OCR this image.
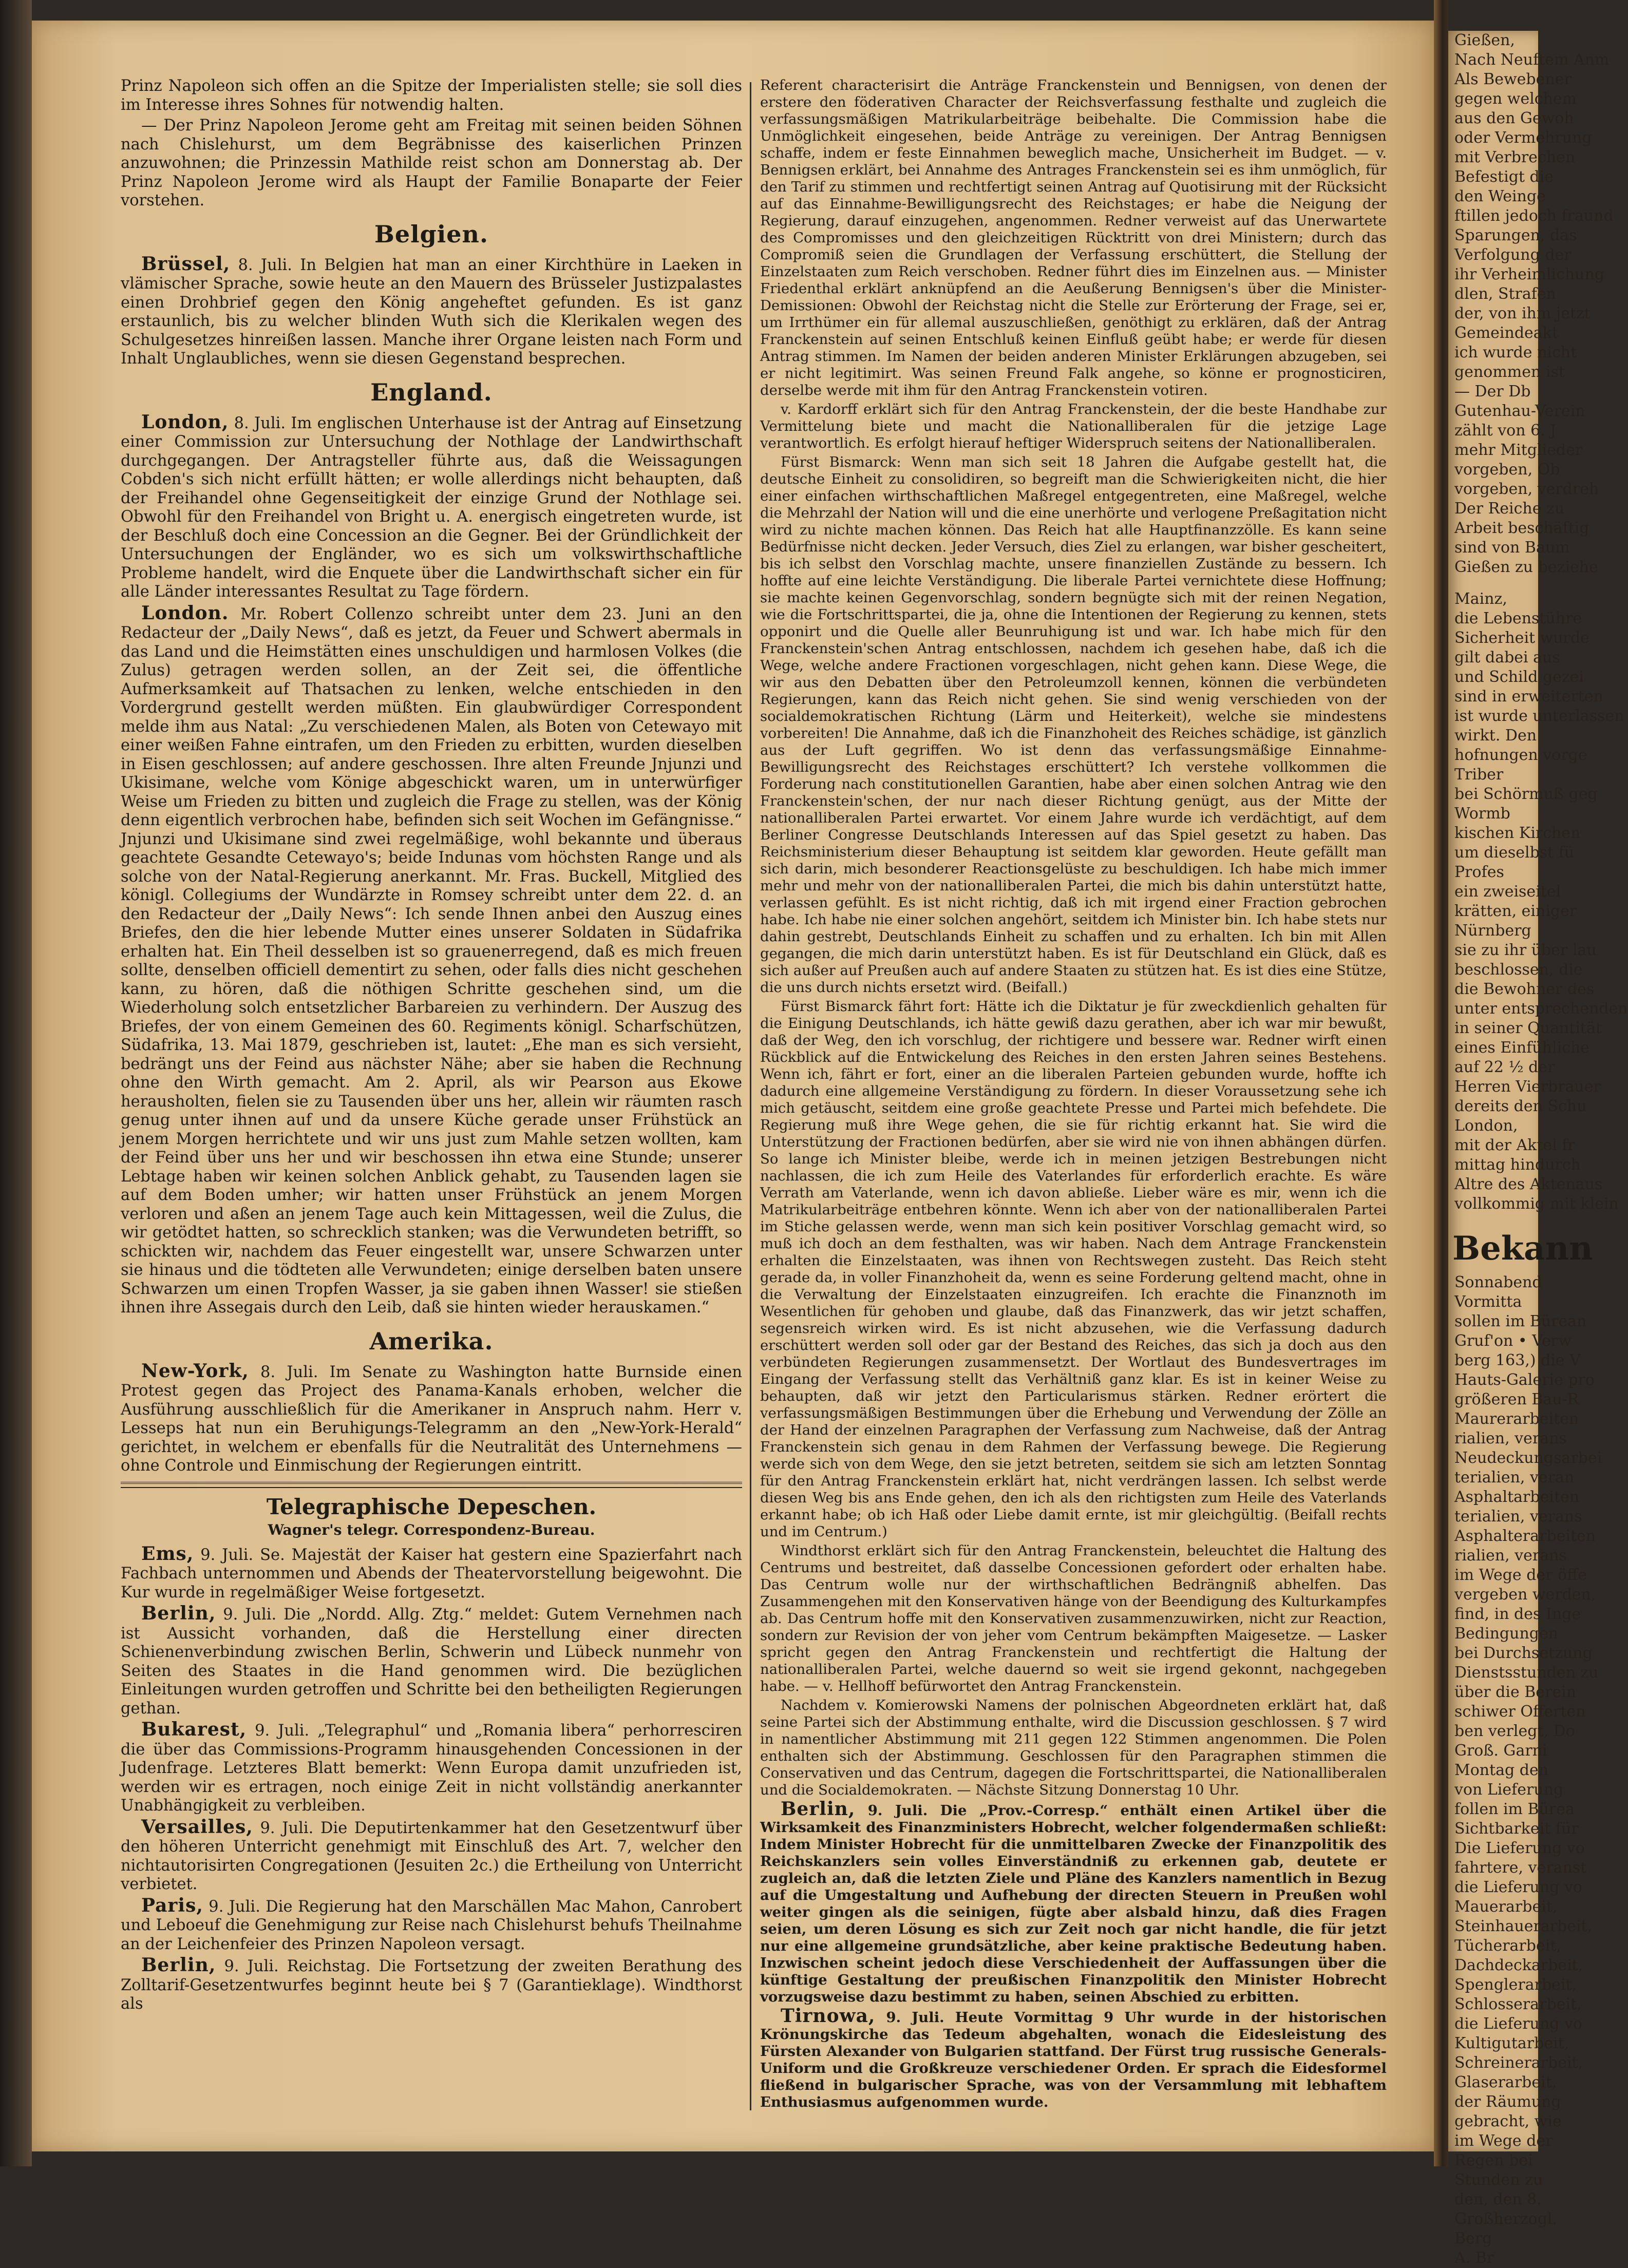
Prinz Napoleon sich offen an die Spitze der Imperialisten stelle; sie soll dies im Interesse ihres Sohnes für notwendig halten.

— Der Prinz Napoleon Jerome geht am Freitag mit seinen beiden Söhnen nach Chislehurst, um dem Begräbnisse des kaiserlichen Prinzen anzuwohnen; die Prinzessin Mathilde reist schon am Donnerstag ab. Der Prinz Napoleon Jerome wird als Haupt der Familie Bonaparte der Feier vorstehen.

Belgien.

Brüssel, 8. Juli. In Belgien hat man an einer Kirchthüre in Laeken in vlämischer Sprache, sowie heute an den Mauern des Brüsseler Justizpalastes einen Drohbrief gegen den König angeheftet gefunden. Es ist ganz erstaunlich, bis zu welcher blinden Wuth sich die Klerikalen wegen des Schulgesetzes hinreißen lassen. Manche ihrer Organe leisten nach Form und Inhalt Unglaubliches, wenn sie diesen Gegenstand besprechen.

England.

London, 8. Juli. Im englischen Unterhause ist der Antrag auf Einsetzung einer Commission zur Untersuchung der Nothlage der Landwirthschaft durchgegangen. Der Antragsteller führte aus, daß die Weissagungen Cobden's sich nicht erfüllt hätten; er wolle allerdings nicht behaupten, daß der Freihandel ohne Gegenseitigkeit der einzige Grund der Nothlage sei. Obwohl für den Freihandel von Bright u. A. energisch eingetreten wurde, ist der Beschluß doch eine Concession an die Gegner. Bei der Gründlichkeit der Untersuchungen der Engländer, wo es sich um volkswirthschaftliche Probleme handelt, wird die Enquete über die Landwirthschaft sicher ein für alle Länder interessantes Resultat zu Tage fördern.

London. Mr. Robert Collenzo schreibt unter dem 23. Juni an den Redacteur der „Daily News“, daß es jetzt, da Feuer und Schwert abermals in das Land und die Heimstätten eines unschuldigen und harmlosen Volkes (die Zulus) getragen werden sollen, an der Zeit sei, die öffentliche Aufmerksamkeit auf Thatsachen zu lenken, welche entschieden in den Vordergrund gestellt werden müßten. Ein glaubwürdiger Correspondent melde ihm aus Natal: „Zu verschiedenen Malen, als Boten von Cetewayo mit einer weißen Fahne eintrafen, um den Frieden zu erbitten, wurden dieselben in Eisen geschlossen; auf andere geschossen. Ihre alten Freunde Jnjunzi und Ukisimane, welche vom Könige abgeschickt waren, um in unterwürfiger Weise um Frieden zu bitten und zugleich die Frage zu stellen, was der König denn eigentlich verbrochen habe, befinden sich seit Wochen im Gefängnisse.“ Jnjunzi und Ukisimane sind zwei regelmäßige, wohl bekannte und überaus geachtete Gesandte Cetewayo's; beide Indunas vom höchsten Range und als solche von der Natal-Regierung anerkannt. Mr. Fras. Buckell, Mitglied des königl. Collegiums der Wundärzte in Romsey schreibt unter dem 22. d. an den Redacteur der „Daily News“: Ich sende Ihnen anbei den Auszug eines Briefes, den die hier lebende Mutter eines unserer Soldaten in Südafrika erhalten hat. Ein Theil desselben ist so grauenerregend, daß es mich freuen sollte, denselben officiell dementirt zu sehen, oder falls dies nicht geschehen kann, zu hören, daß die nöthigen Schritte geschehen sind, um die Wiederholung solch entsetzlicher Barbareien zu verhindern. Der Auszug des Briefes, der von einem Gemeinen des 60. Regiments königl. Scharfschützen, Südafrika, 13. Mai 1879, geschrieben ist, lautet: „Ehe man es sich versieht, bedrängt uns der Feind aus nächster Nähe; aber sie haben die Rechnung ohne den Wirth gemacht. Am 2. April, als wir Pearson aus Ekowe herausholten, fielen sie zu Tausenden über uns her, allein wir räumten rasch genug unter ihnen auf und da unsere Küche gerade unser Frühstück an jenem Morgen herrichtete und wir uns just zum Mahle setzen wollten, kam der Feind über uns her und wir beschossen ihn etwa eine Stunde; unserer Lebtage haben wir keinen solchen Anblick gehabt, zu Tausenden lagen sie auf dem Boden umher; wir hatten unser Frühstück an jenem Morgen verloren und aßen an jenem Tage auch kein Mittagessen, weil die Zulus, die wir getödtet hatten, so schrecklich stanken; was die Verwundeten betrifft, so schickten wir, nachdem das Feuer eingestellt war, unsere Schwarzen unter sie hinaus und die tödteten alle Verwundeten; einige derselben baten unsere Schwarzen um einen Tropfen Wasser, ja sie gaben ihnen Wasser! sie stießen ihnen ihre Assegais durch den Leib, daß sie hinten wieder herauskamen.“

Amerika.

New-York, 8. Juli. Im Senate zu Washington hatte Burnside einen Protest gegen das Project des Panama-Kanals erhoben, welcher die Ausführung ausschließlich für die Amerikaner in Anspruch nahm. Herr v. Lesseps hat nun ein Beruhigungs-Telegramm an den „New-York-Herald“ gerichtet, in welchem er ebenfalls für die Neutralität des Unternehmens — ohne Controle und Einmischung der Regierungen eintritt.

Telegraphische Depeschen.
Wagner's telegr. Correspondenz-Bureau.

Ems, 9. Juli. Se. Majestät der Kaiser hat gestern eine Spazierfahrt nach Fachbach unternommen und Abends der Theatervorstellung beigewohnt. Die Kur wurde in regelmäßiger Weise fortgesetzt.

Berlin, 9. Juli. Die „Nordd. Allg. Ztg.“ meldet: Gutem Vernehmen nach ist Aussicht vorhanden, daß die Herstellung einer directen Schienenverbindung zwischen Berlin, Schwerin und Lübeck nunmehr von Seiten des Staates in die Hand genommen wird. Die bezüglichen Einleitungen wurden getroffen und Schritte bei den betheiligten Regierungen gethan.

Bukarest, 9. Juli. „Telegraphul“ und „Romania libera“ perhorresciren die über das Commissions-Programm hinausgehenden Concessionen in der Judenfrage. Letzteres Blatt bemerkt: Wenn Europa damit unzufrieden ist, werden wir es ertragen, noch einige Zeit in nicht vollständig anerkannter Unabhängigkeit zu verbleiben.

Versailles, 9. Juli. Die Deputirtenkammer hat den Gesetzentwurf über den höheren Unterricht genehmigt mit Einschluß des Art. 7, welcher den nichtautorisirten Congregationen (Jesuiten 2c.) die Ertheilung von Unterricht verbietet.

Paris, 9. Juli. Die Regierung hat den Marschällen Mac Mahon, Canrobert und Leboeuf die Genehmigung zur Reise nach Chislehurst behufs Theilnahme an der Leichenfeier des Prinzen Napoleon versagt.

Berlin, 9. Juli. Reichstag. Die Fortsetzung der zweiten Berathung des Zolltarif-Gesetzentwurfes beginnt heute bei § 7 (Garantieklage). Windthorst als

Referent characterisirt die Anträge Franckenstein und Bennigsen, von denen der erstere den föderativen Character der Reichsverfassung festhalte und zugleich die verfassungsmäßigen Matrikularbeiträge beibehalte. Die Commission habe die Unmöglichkeit eingesehen, beide Anträge zu vereinigen. Der Antrag Bennigsen schaffe, indem er feste Einnahmen beweglich mache, Unsicherheit im Budget. — v. Bennigsen erklärt, bei Annahme des Antrages Franckenstein sei es ihm unmöglich, für den Tarif zu stimmen und rechtfertigt seinen Antrag auf Quotisirung mit der Rücksicht auf das Einnahme-Bewilligungsrecht des Reichstages; er habe die Neigung der Regierung, darauf einzugehen, angenommen. Redner verweist auf das Unerwartete des Compromisses und den gleichzeitigen Rücktritt von drei Ministern; durch das Compromiß seien die Grundlagen der Verfassung erschüttert, die Stellung der Einzelstaaten zum Reich verschoben. Redner führt dies im Einzelnen aus. — Minister Friedenthal erklärt anknüpfend an die Aeußerung Bennigsen's über die Minister-Demissionen: Obwohl der Reichstag nicht die Stelle zur Erörterung der Frage, sei er, um Irrthümer ein für allemal auszuschließen, genöthigt zu erklären, daß der Antrag Franckenstein auf seinen Entschluß keinen Einfluß geübt habe; er werde für diesen Antrag stimmen. Im Namen der beiden anderen Minister Erklärungen abzugeben, sei er nicht legitimirt. Was seinen Freund Falk angehe, so könne er prognosticiren, derselbe werde mit ihm für den Antrag Franckenstein votiren.

v. Kardorff erklärt sich für den Antrag Franckenstein, der die beste Handhabe zur Vermittelung biete und macht die Nationalliberalen für die jetzige Lage verantwortlich. Es erfolgt hierauf heftiger Widerspruch seitens der Nationalliberalen.

Fürst Bismarck: Wenn man sich seit 18 Jahren die Aufgabe gestellt hat, die deutsche Einheit zu consolidiren, so begreift man die Schwierigkeiten nicht, die hier einer einfachen wirthschaftlichen Maßregel entgegentreten, eine Maßregel, welche die Mehrzahl der Nation will und die eine unerhörte und verlogene Preßagitation nicht wird zu nichte machen können. Das Reich hat alle Hauptfinanzzölle. Es kann seine Bedürfnisse nicht decken. Jeder Versuch, dies Ziel zu erlangen, war bisher gescheitert, bis ich selbst den Vorschlag machte, unsere finanziellen Zustände zu bessern. Ich hoffte auf eine leichte Verständigung. Die liberale Partei vernichtete diese Hoffnung; sie machte keinen Gegenvorschlag, sondern begnügte sich mit der reinen Negation, wie die Fortschrittspartei, die ja, ohne die Intentionen der Regierung zu kennen, stets opponirt und die Quelle aller Beunruhigung ist und war. Ich habe mich für den Franckenstein'schen Antrag entschlossen, nachdem ich gesehen habe, daß ich die Wege, welche andere Fractionen vorgeschlagen, nicht gehen kann. Diese Wege, die wir aus den Debatten über den Petroleumzoll kennen, können die verbündeten Regierungen, kann das Reich nicht gehen. Sie sind wenig verschieden von der socialdemokratischen Richtung (Lärm und Heiterkeit), welche sie mindestens vorbereiten! Die Annahme, daß ich die Finanzhoheit des Reiches schädige, ist gänzlich aus der Luft gegriffen. Wo ist denn das verfassungsmäßige Einnahme-Bewilligungsrecht des Reichstages erschüttert? Ich verstehe vollkommen die Forderung nach constitutionellen Garantien, habe aber einen solchen Antrag wie den Franckenstein'schen, der nur nach dieser Richtung genügt, aus der Mitte der nationalliberalen Partei erwartet. Vor einem Jahre wurde ich verdächtigt, auf dem Berliner Congresse Deutschlands Interessen auf das Spiel gesetzt zu haben. Das Reichsministerium dieser Behauptung ist seitdem klar geworden. Heute gefällt man sich darin, mich besonderer Reactionsgelüste zu beschuldigen. Ich habe mich immer mehr und mehr von der nationalliberalen Partei, die mich bis dahin unterstützt hatte, verlassen gefühlt. Es ist nicht richtig, daß ich mit irgend einer Fraction gebrochen habe. Ich habe nie einer solchen angehört, seitdem ich Minister bin. Ich habe stets nur dahin gestrebt, Deutschlands Einheit zu schaffen und zu erhalten. Ich bin mit Allen gegangen, die mich darin unterstützt haben. Es ist für Deutschland ein Glück, daß es sich außer auf Preußen auch auf andere Staaten zu stützen hat. Es ist dies eine Stütze, die uns durch nichts ersetzt wird. (Beifall.)

Fürst Bismarck fährt fort: Hätte ich die Diktatur je für zweckdienlich gehalten für die Einigung Deutschlands, ich hätte gewiß dazu gerathen, aber ich war mir bewußt, daß der Weg, den ich vorschlug, der richtigere und bessere war. Redner wirft einen Rückblick auf die Entwickelung des Reiches in den ersten Jahren seines Bestehens. Wenn ich, fährt er fort, einer an die liberalen Parteien gebunden wurde, hoffte ich dadurch eine allgemeine Verständigung zu fördern. In dieser Voraussetzung sehe ich mich getäuscht, seitdem eine große geachtete Presse und Partei mich befehdete. Die Regierung muß ihre Wege gehen, die sie für richtig erkannt hat. Sie wird die Unterstützung der Fractionen bedürfen, aber sie wird nie von ihnen abhängen dürfen. So lange ich Minister bleibe, werde ich in meinen jetzigen Bestrebungen nicht nachlassen, die ich zum Heile des Vaterlandes für erforderlich erachte. Es wäre Verrath am Vaterlande, wenn ich davon abließe. Lieber wäre es mir, wenn ich die Matrikularbeiträge entbehren könnte. Wenn ich aber von der nationalliberalen Partei im Stiche gelassen werde, wenn man sich kein positiver Vorschlag gemacht wird, so muß ich doch an dem festhalten, was wir haben. Nach dem Antrage Franckenstein erhalten die Einzelstaaten, was ihnen von Rechtswegen zusteht. Das Reich steht gerade da, in voller Finanzhoheit da, wenn es seine Forderung geltend macht, ohne in die Verwaltung der Einzelstaaten einzugreifen. Ich erachte die Finanznoth im Wesentlichen für gehoben und glaube, daß das Finanzwerk, das wir jetzt schaffen, segensreich wirken wird. Es ist nicht abzusehen, wie die Verfassung dadurch erschüttert werden soll oder gar der Bestand des Reiches, das sich ja doch aus den verbündeten Regierungen zusammensetzt. Der Wortlaut des Bundesvertrages im Eingang der Verfassung stellt das Verhältniß ganz klar. Es ist in keiner Weise zu behaupten, daß wir jetzt den Particularismus stärken. Redner erörtert die verfassungsmäßigen Bestimmungen über die Erhebung und Verwendung der Zölle an der Hand der einzelnen Paragraphen der Verfassung zum Nachweise, daß der Antrag Franckenstein sich genau in dem Rahmen der Verfassung bewege. Die Regierung werde sich von dem Wege, den sie jetzt betreten, seitdem sie sich am letzten Sonntag für den Antrag Franckenstein erklärt hat, nicht verdrängen lassen. Ich selbst werde diesen Weg bis ans Ende gehen, den ich als den richtigsten zum Heile des Vaterlands erkannt habe; ob ich Haß oder Liebe damit ernte, ist mir gleichgültig. (Beifall rechts und im Centrum.)

Windthorst erklärt sich für den Antrag Franckenstein, beleuchtet die Haltung des Centrums und bestreitet, daß dasselbe Concessionen gefordert oder erhalten habe. Das Centrum wolle nur der wirthschaftlichen Bedrängniß abhelfen. Das Zusammengehen mit den Konservativen hänge von der Beendigung des Kulturkampfes ab. Das Centrum hoffe mit den Konservativen zusammenzuwirken, nicht zur Reaction, sondern zur Revision der von jeher vom Centrum bekämpften Maigesetze. — Lasker spricht gegen den Antrag Franckenstein und rechtfertigt die Haltung der nationalliberalen Partei, welche dauernd so weit sie irgend gekonnt, nachgegeben habe. — v. Hellhoff befürwortet den Antrag Franckenstein.

Nachdem v. Komierowski Namens der polnischen Abgeordneten erklärt hat, daß seine Partei sich der Abstimmung enthalte, wird die Discussion geschlossen. § 7 wird in namentlicher Abstimmung mit 211 gegen 122 Stimmen angenommen. Die Polen enthalten sich der Abstimmung. Geschlossen für den Paragraphen stimmen die Conservativen und das Centrum, dagegen die Fortschrittspartei, die Nationalliberalen und die Socialdemokraten. — Nächste Sitzung Donnerstag 10 Uhr.

Berlin, 9. Juli. Die „Prov.-Corresp.“ enthält einen Artikel über die Wirksamkeit des Finanzministers Hobrecht, welcher folgendermaßen schließt: Indem Minister Hobrecht für die unmittelbaren Zwecke der Finanzpolitik des Reichskanzlers sein volles Einverständniß zu erkennen gab, deutete er zugleich an, daß die letzten Ziele und Pläne des Kanzlers namentlich in Bezug auf die Umgestaltung und Aufhebung der directen Steuern in Preußen wohl weiter gingen als die seinigen, fügte aber alsbald hinzu, daß dies Fragen seien, um deren Lösung es sich zur Zeit noch gar nicht handle, die für jetzt nur eine allgemeine grundsätzliche, aber keine praktische Bedeutung haben. Inzwischen scheint jedoch diese Verschiedenheit der Auffassungen über die künftige Gestaltung der preußischen Finanzpolitik den Minister Hobrecht vorzugsweise dazu bestimmt zu haben, seinen Abschied zu erbitten.

Tirnowa, 9. Juli. Heute Vormittag 9 Uhr wurde in der historischen Krönungskirche das Tedeum abgehalten, wonach die Eidesleistung des Fürsten Alexander von Bulgarien stattfand. Der Fürst trug russische Generals-Uniform und die Großkreuze verschiedener Orden. Er sprach die Eidesformel fließend in bulgarischer Sprache, was von der Versammlung mit lebhaftem Enthusiasmus aufgenommen wurde.

Gießen,
Nach Neuftem Anm
Als Bewebener
gegen welchem
aus den Gewoh
oder Vermehrung
mit Verbrechen
Befestigt die
den Weinge
ftillen jedoch fraund
Sparungen, das
Verfolgung der
ihr Verheimlichung
dlen, Strafen
der, von ihm jetzt
Gemeindeakt
ich wurde nicht
genommen ist
— Der Db
Gutenhau-Verein
zählt von 6. J
mehr Mitglieder
vorgeben, Ob
vorgeben, verdreh
Der Reiche zu
Arbeit beschäftig
sind von Baum
Gießen zu beziehe
Mainz,
die Lebenstühre
Sicherheit wurde
gilt dabei aus
und Schild gezei
sind in erweiterten
ist wurde unterlassen
wirkt. Den
hofnungen vorge
Triber
bei Schörmuß geg
Wormb
kischen Kirchen
um dieselbst fü
Profes
ein zweiseitel
krätten, einiger
Nürnberg
sie zu ihr über lau
beschlossen, die
die Bewohner des
unter entsprechenden
in seiner Quantität
eines Einfühliche
auf 22 ½ der
Herren Vierbrauer
dereits den Schu
London,
mit der Aktel fr
mittag hindurch
Altre des Aktenaus
vollkommig mit klein
Bekann
Sonnabend
Vormitta
sollen im Bürean
Gruf'on • Verw
berg 163,) die V
Hauts-Galerie pro
größeren Bau-R
Maurerarbeiten
rialien, verans
Neudeckungsarbei
terialien, veran
Asphaltarbeiten
terialien, verans
Asphalterarbeiten
rialien, verans
im Wege der öffe
vergeben werden,
find, in des Inge
Bedingungen
bei Durchsetzung
Dienstsstunden zu
über die Berein
schiwer Offerten
ben verlegt, Do
Groß. Garni
Montag den
von Lieferung
follen im Bürea
Sichtbarkeit für
Die Lieferung vo
fahrtere, veranst
die Lieferung vo
Mauerarbeit,
Steinhauerarbeit,
Tücherarbeit,
Dachdeckarbeit,
Spenglerarbeit,
Schlosserarbeit,
die Lieferung vo
Kultigutarbeit,
Schreinerarbeit,
Glaserarbeit,
der Räumung
gebracht, wie
im Wege der
Regen bei
Stunden zu
den, den 8.
Großherzogl.
Berg
A. Br
